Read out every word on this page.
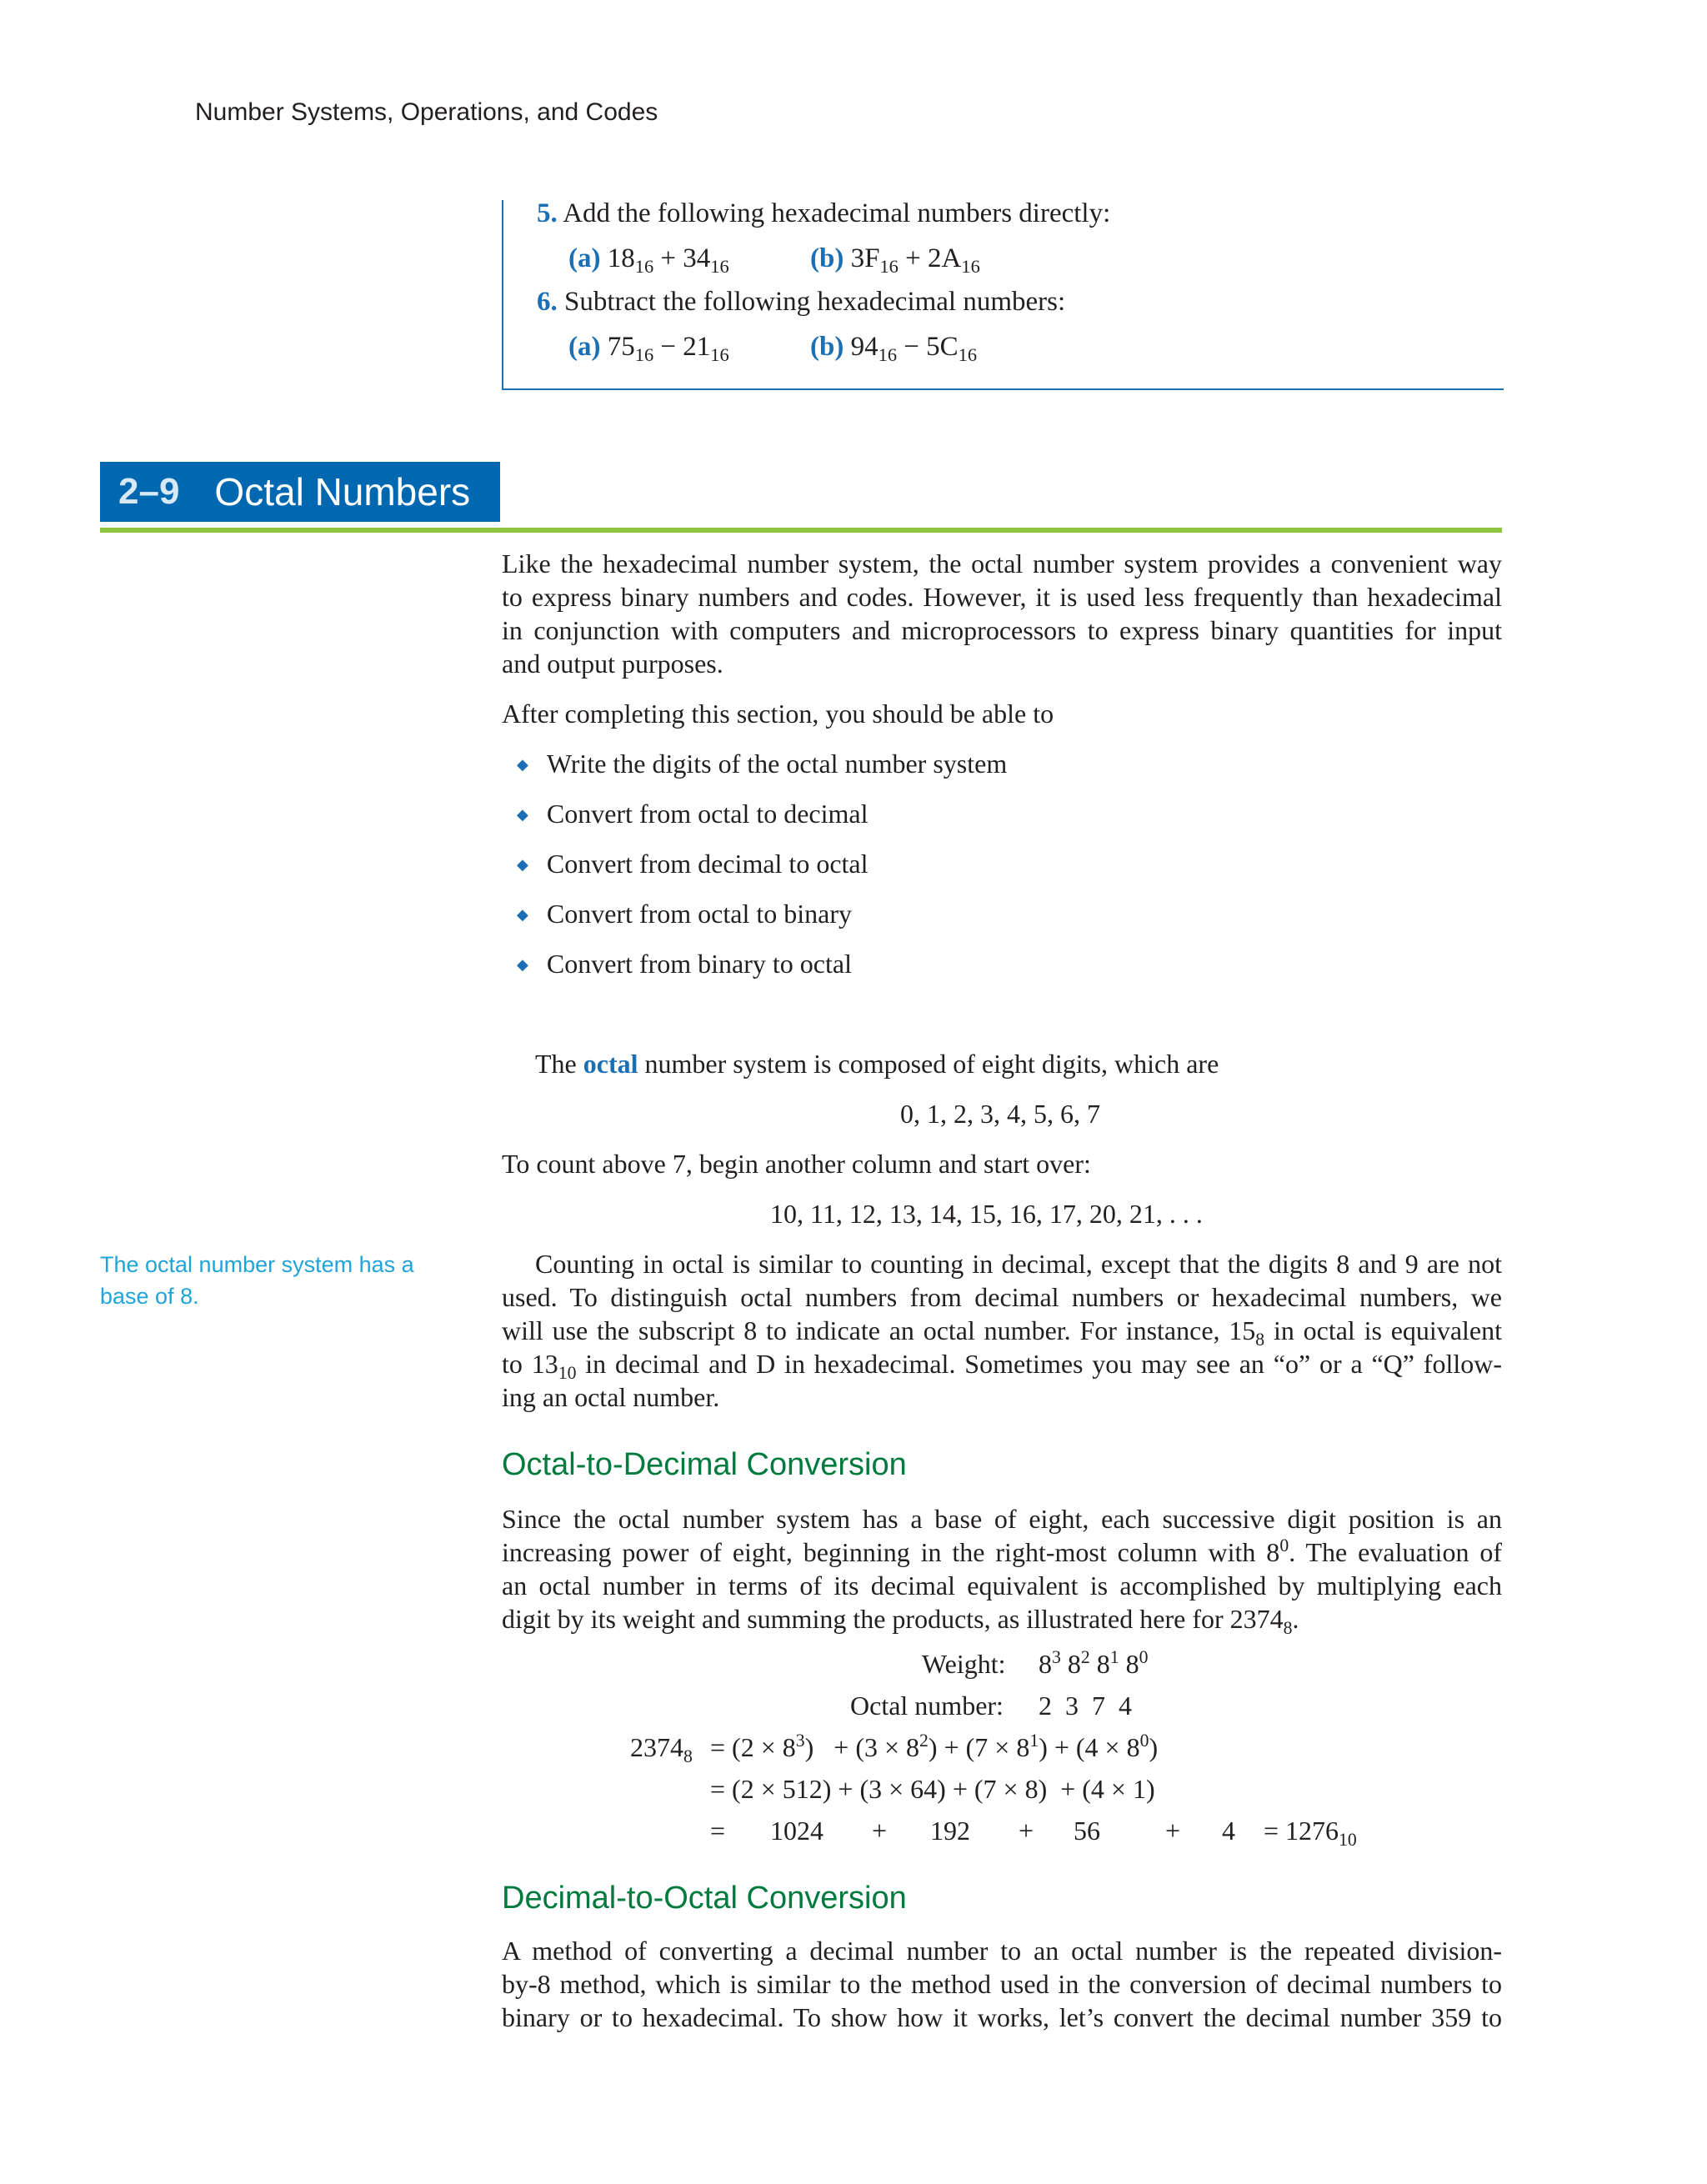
Number Systems, Operations, and Codes
5. Add the following hexadecimal numbers directly:
(a) $18_{16} + 34_{16}$	(b) $3F_{16} + 2A_{16}$
6. Subtract the following hexadecimal numbers:
(a) $75_{16} - 21_{16}$	(b) $94_{16} - 5C_{16}$
2–9 Octal Numbers
Like the hexadecimal number system, the octal number system provides a convenient way
to express binary numbers and codes. However, it is used less frequently than hexadecimal
in conjunction with computers and microprocessors to express binary quantities for input
and output purposes.
After completing this section, you should be able to
◆ Write the digits of the octal number system
◆ Convert from octal to decimal
◆ Convert from decimal to octal
◆ Convert from octal to binary
◆ Convert from binary to octal
The octal number system is composed of eight digits, which are
0, 1, 2, 3, 4, 5, 6, 7
To count above 7, begin another column and start over:
10, 11, 12, 13, 14, 15, 16, 17, 20, 21, . . .
The octal number system has a base of 8.
Counting in octal is similar to counting in decimal, except that the digits 8 and 9 are not
used. To distinguish octal numbers from decimal numbers or hexadecimal numbers, we
will use the subscript 8 to indicate an octal number. For instance, $15_8$ in octal is equivalent
to $13_{10}$ in decimal and D in hexadecimal. Sometimes you may see an “o” or a “Q” follow-
ing an octal number.
Octal-to-Decimal Conversion
Since the octal number system has a base of eight, each successive digit position is an
increasing power of eight, beginning in the right-most column with $8^0$. The evaluation of
an octal number in terms of its decimal equivalent is accomplished by multiplying each
digit by its weight and summing the products, as illustrated here for $2374_8$.
Weight: $8^3$ $8^2$ $8^1$ $8^0$
Octal number: 2  3  7  4
$2374_8 = (2 \times 8^3) + (3 \times 8^2) + (7 \times 8^1) + (4 \times 8^0)$
= (2 × 512) + (3 × 64) + (7 × 8) + (4 × 1)
= $1024 + 192 + 56 + 4 = 1276_{10}$
Decimal-to-Octal Conversion
A method of converting a decimal number to an octal number is the repeated division-
by-8 method, which is similar to the method used in the conversion of decimal numbers to
binary or to hexadecimal. To show how it works, let’s convert the decimal number 359 to
